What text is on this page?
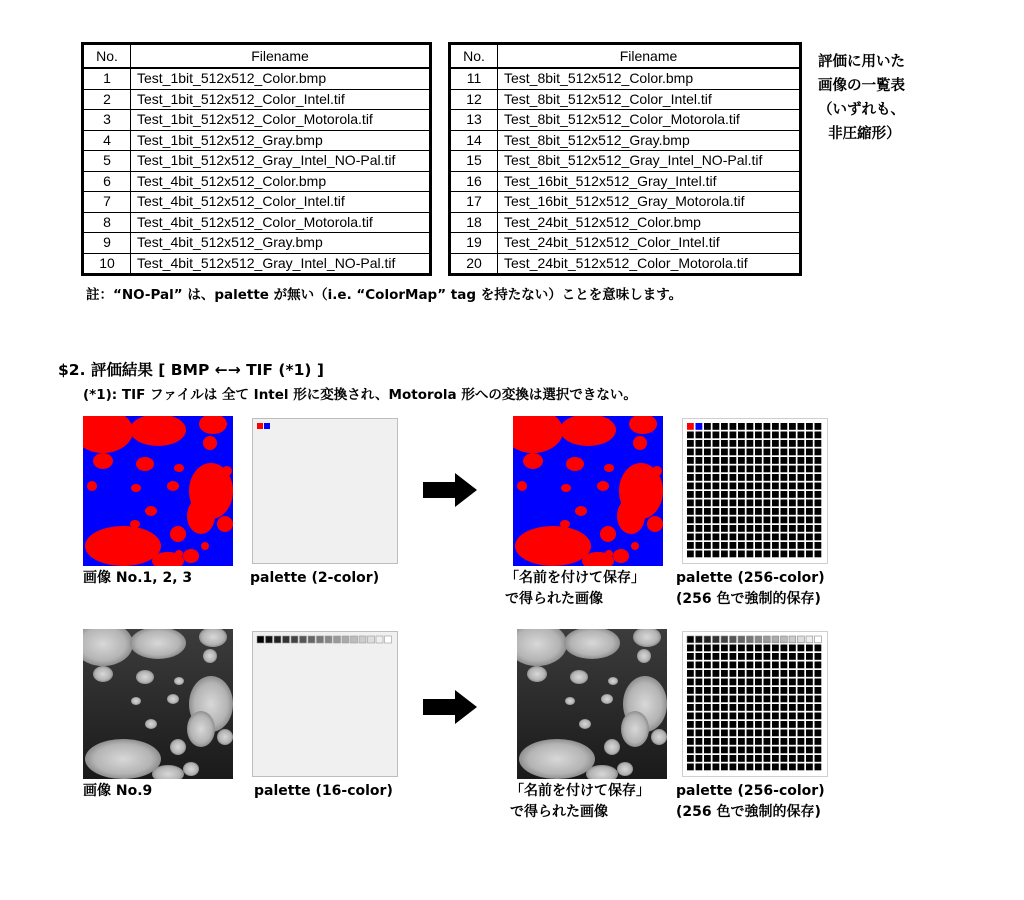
No.	Filename
1	Test_1bit_512x512_Color.bmp
2	Test_1bit_512x512_Color_Intel.tif
3	Test_1bit_512x512_Color_Motorola.tif
4	Test_1bit_512x512_Gray.bmp
5	Test_1bit_512x512_Gray_Intel_NO-Pal.tif
6	Test_4bit_512x512_Color.bmp
7	Test_4bit_512x512_Color_Intel.tif
8	Test_4bit_512x512_Color_Motorola.tif
9	Test_4bit_512x512_Gray.bmp
10	Test_4bit_512x512_Gray_Intel_NO-Pal.tif
No.	Filename
11	Test_8bit_512x512_Color.bmp
12	Test_8bit_512x512_Color_Intel.tif
13	Test_8bit_512x512_Color_Motorola.tif
14	Test_8bit_512x512_Gray.bmp
15	Test_8bit_512x512_Gray_Intel_NO-Pal.tif
16	Test_16bit_512x512_Gray_Intel.tif
17	Test_16bit_512x512_Gray_Motorola.tif
18	Test_24bit_512x512_Color.bmp
19	Test_24bit_512x512_Color_Intel.tif
20	Test_24bit_512x512_Color_Motorola.tif
評価に用いた
画像の一覧表
（いずれも、
非圧縮形）
註：“NO-Pal” は、palette が無い（i.e. “ColorMap” tag を持たない）ことを意味します。
$2. 評価結果 [ BMP ←→ TIF (*1) ]
(*1): TIF ファイルは 全て Intel 形に変換され、Motorola 形への変換は選択できない。
画像 No.1, 2, 3	palette (2-color)	「名前を付けて保存」
で得られた画像
palette (256-color)
(256 色で強制的保存)
画像 No.9	palette (16-color)	「名前を付けて保存」
で得られた画像
palette (256-color)
(256 色で強制的保存)
